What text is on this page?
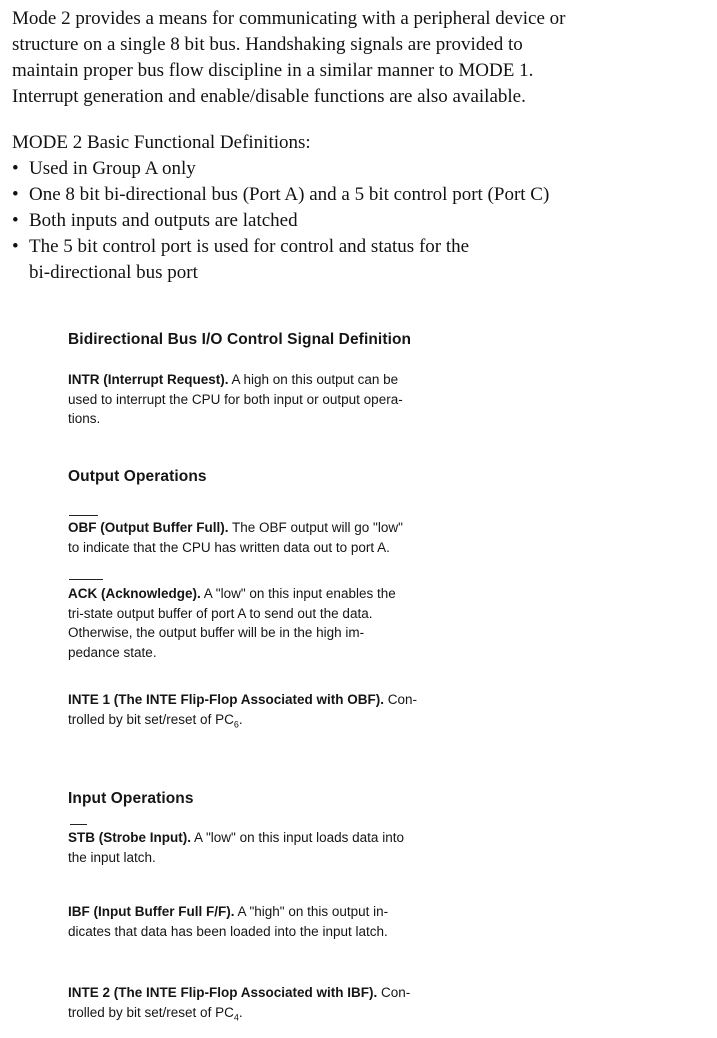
Mode 2 provides a means for communicating with a peripheral device or
structure on a single 8 bit bus. Handshaking signals are provided to
maintain proper bus flow discipline in a similar manner to MODE 1.
Interrupt generation and enable/disable functions are also available.
MODE 2 Basic Functional Definitions:
• Used in Group A only
• One 8 bit bi-directional bus (Port A) and a 5 bit control port (Port C)
• Both inputs and outputs are latched
• The 5 bit control port is used for control and status for the
bi-directional bus port
Bidirectional Bus I/O Control Signal Definition
INTR (Interrupt Request). A high on this output can be
used to interrupt the CPU for both input or output opera-
tions.
Output Operations
OBF (Output Buffer Full). The OBF output will go "low"
to indicate that the CPU has written data out to port A.
ACK (Acknowledge). A "low" on this input enables the
tri-state output buffer of port A to send out the data.
Otherwise, the output buffer will be in the high im-
pedance state.
INTE 1 (The INTE Flip-Flop Associated with OBF). Con-
trolled by bit set/reset of $PC_6$.
Input Operations
STB (Strobe Input). A "low" on this input loads data into
the input latch.
IBF (Input Buffer Full F/F). A "high" on this output in-
dicates that data has been loaded into the input latch.
INTE 2 (The INTE Flip-Flop Associated with IBF). Con-
trolled by bit set/reset of $PC_4$.
